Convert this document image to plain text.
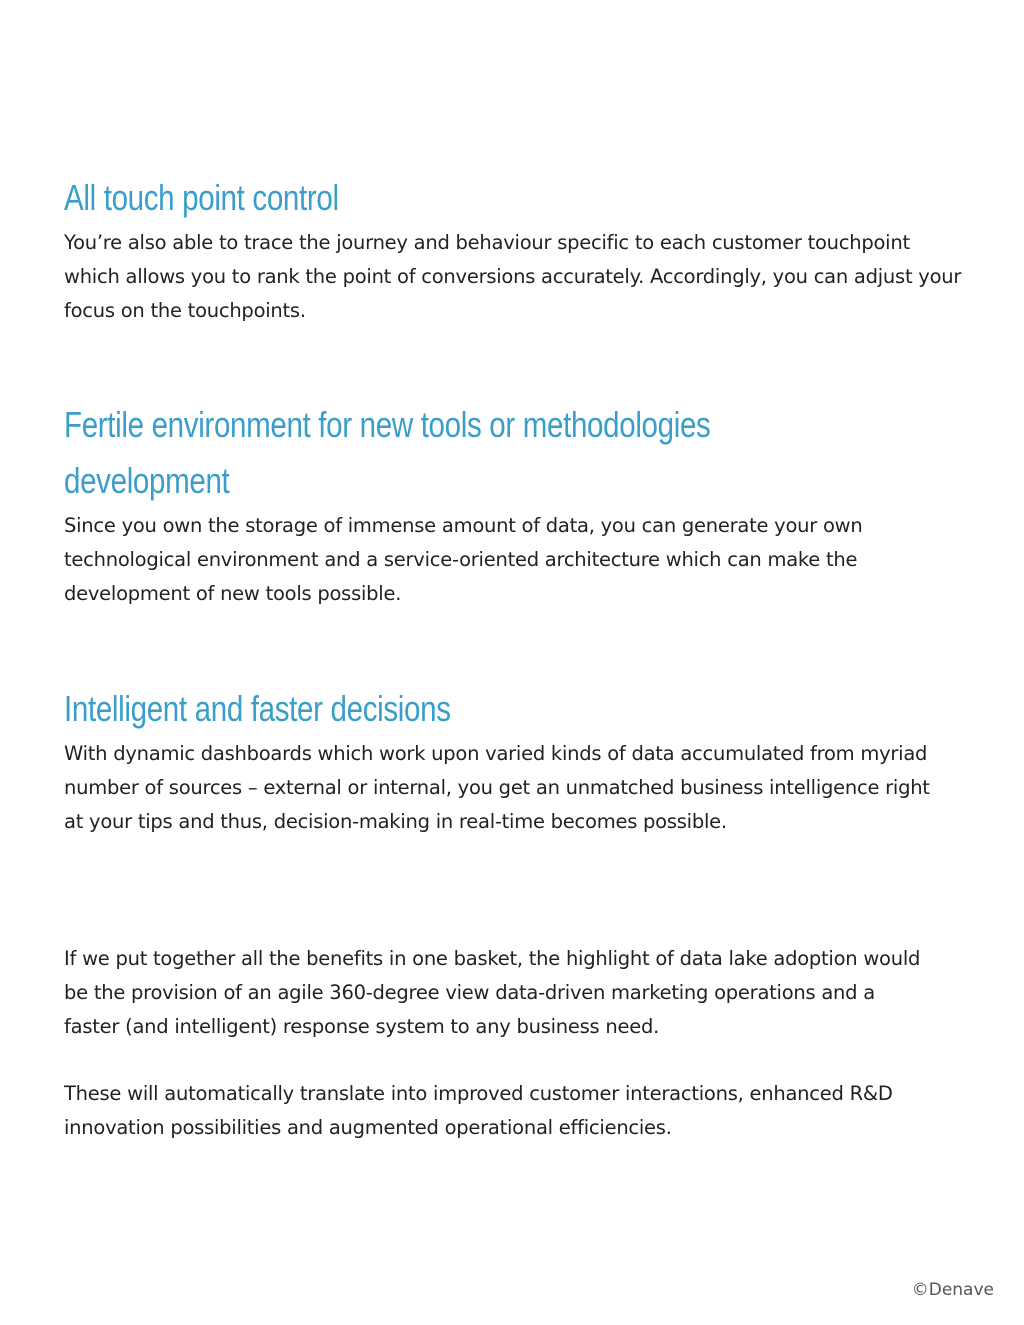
All touch point control

You’re also able to trace the journey and behaviour specific to each customer touchpoint which allows you to rank the point of conversions accurately. Accordingly, you can adjust your focus on the touchpoints.

Fertile environment for new tools or methodologies
development

Since you own the storage of immense amount of data, you can generate your own technological environment and a service-oriented architecture which can make the development of new tools possible.

Intelligent and faster decisions

With dynamic dashboards which work upon varied kinds of data accumulated from myriad number of sources – external or internal, you get an unmatched business intelligence right at your tips and thus, decision-making in real-time becomes possible.

If we put together all the benefits in one basket, the highlight of data lake adoption would be the provision of an agile 360-degree view data-driven marketing operations and a faster (and intelligent) response system to any business need.

These will automatically translate into improved customer interactions, enhanced R&D innovation possibilities and augmented operational efficiencies.

©Denave
